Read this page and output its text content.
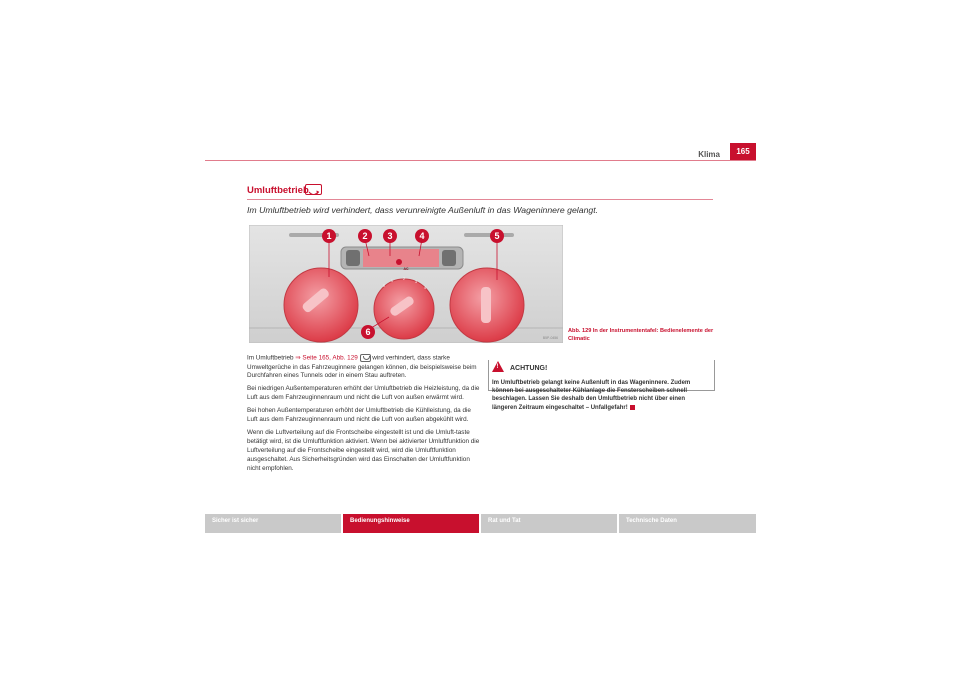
Klima	165
Umluftbetrieb
Im Umluftbetrieb wird verhindert, dass verunreinigte Außenluft in das Wageninnere gelangt.
1	2 3	4	5
6
AC
0
1	2
3
4
B5P-0456
Abb. 129 In der Instrumententafel: Bedienelemente der Climatic

Im Umluftbetrieb ⇒ Seite 165, Abb. 129  wird verhindert, dass starke Umweltgerüche in das Fahrzeuginnere gelangen können, die beispielsweise beim Durchfahren eines Tunnels oder in einem Stau auftreten.

Bei niedrigen Außentemperaturen erhöht der Umluftbetrieb die Heizleistung, da die Luft aus dem Fahrzeuginnenraum und nicht die Luft von außen erwärmt wird.

Bei hohen Außentemperaturen erhöht der Umluftbetrieb die Kühlleistung, da die Luft aus dem Fahrzeuginnenraum und nicht die Luft von außen abgekühlt wird.

Wenn die Luftverteilung auf die Frontscheibe eingestellt ist und die Umluft-taste betätigt wird, ist die Umluftfunktion aktiviert. Wenn bei aktivierter Umluftfunktion die Luftverteilung auf die Frontscheibe eingestellt wird, wird die Umluftfunktion ausgeschaltet. Aus Sicherheitsgründen wird das Einschalten der Umluftfunktion nicht empfohlen.

! ACHTUNG!
Im Umluftbetrieb gelangt keine Außenluft in das Wageninnere. Zudem können bei ausgeschalteter Kühlanlage die Fensterscheiben schnell beschlagen. Lassen Sie deshalb den Umluftbetrieb nicht über einen längeren Zeitraum eingeschaltet – Unfallgefahr!
Sicher ist sicher	Bedienungshinweise	Rat und Tat	Technische Daten
